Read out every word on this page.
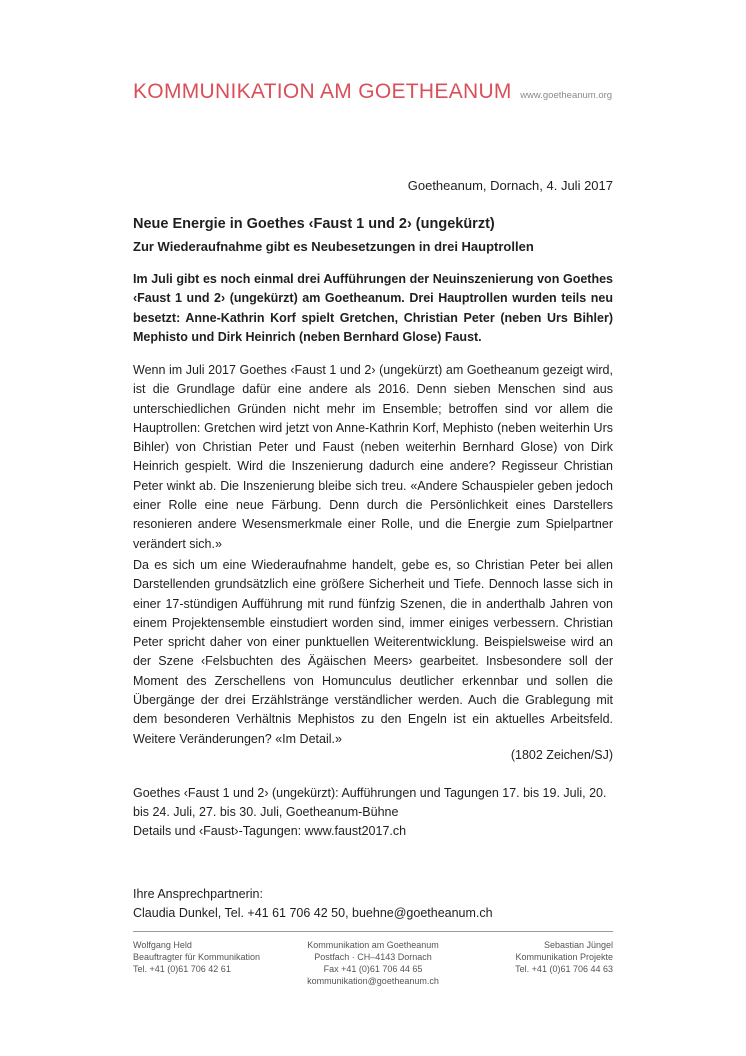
KOMMUNIKATION AM GOETHEANUM www.goetheanum.org
Goetheanum, Dornach, 4. Juli 2017
Neue Energie in Goethes ‹Faust 1 und 2› (ungekürzt)
Zur Wiederaufnahme gibt es Neubesetzungen in drei Hauptrollen

Im Juli gibt es noch einmal drei Aufführungen der Neuinszenierung von Goethes ‹Faust 1 und 2› (ungekürzt) am Goetheanum. Drei Hauptrollen wurden teils neu besetzt: Anne-Kathrin Korf spielt Gretchen, Christian Peter (neben Urs Bihler) Mephisto und Dirk Heinrich (neben Bernhard Glose) Faust.

Wenn im Juli 2017 Goethes ‹Faust 1 und 2› (ungekürzt) am Goetheanum gezeigt wird, ist die Grundlage dafür eine andere als 2016. Denn sieben Menschen sind aus unterschiedlichen Gründen nicht mehr im Ensemble; betroffen sind vor allem die Hauptrollen: Gretchen wird jetzt von Anne-Kathrin Korf, Mephisto (neben weiterhin Urs Bihler) von Christian Peter und Faust (neben weiterhin Bernhard Glose) von Dirk Heinrich gespielt. Wird die Inszenierung dadurch eine andere? Regisseur Christian Peter winkt ab. Die Inszenierung bleibe sich treu. «Andere Schauspieler geben jedoch einer Rolle eine neue Färbung. Denn durch die Persönlichkeit eines Darstellers resonieren andere Wesensmerkmale einer Rolle, und die Energie zum Spielpartner verändert sich.»

Da es sich um eine Wiederaufnahme handelt, gebe es, so Christian Peter bei allen Darstellenden grundsätzlich eine größere Sicherheit und Tiefe. Dennoch lasse sich in einer 17-stündigen Aufführung mit rund fünfzig Szenen, die in anderthalb Jahren von einem Projektensemble einstudiert worden sind, immer einiges verbessern. Christian Peter spricht daher von einer punktuellen Weiterentwicklung. Beispielsweise wird an der Szene ‹Felsbuchten des Ägäischen Meers› gearbeitet. Insbesondere soll der Moment des Zerschellens von Homunculus deutlicher erkennbar und sollen die Übergänge der drei Erzählstränge verständlicher werden. Auch die Grablegung mit dem besonderen Verhältnis Mephistos zu den Engeln ist ein aktuelles Arbeitsfeld. Weitere Veränderungen? «Im Detail.»

(1802 Zeichen/SJ)
Goethes ‹Faust 1 und 2› (ungekürzt): Aufführungen und Tagungen 17. bis 19. Juli, 20. bis 24. Juli, 27. bis 30. Juli, Goetheanum-Bühne
Details und ‹Faust›-Tagungen: www.faust2017.ch
Ihre Ansprechpartnerin:
Claudia Dunkel, Tel. +41 61 706 42 50, buehne@goetheanum.ch
Wolfgang Held
Beauftragter für Kommunikation
Tel. +41 (0)61 706 42 61
Kommunikation am Goetheanum
Postfach · CH–4143 Dornach
Fax +41 (0)61 706 44 65
kommunikation@goetheanum.ch
Sebastian Jüngel
Kommunikation Projekte
Tel. +41 (0)61 706 44 63
